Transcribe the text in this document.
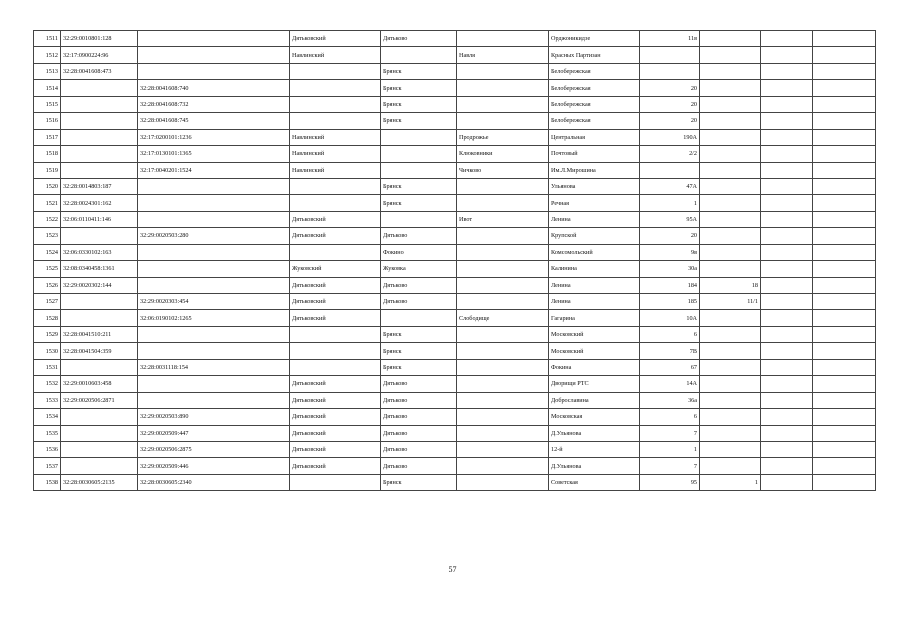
1511	32:29:0010801:128		Дятьковский	Дятьково		Орджоникидзе	11в			
1512	32:17:0900224:96		Навлинский		Навля	Красных Партизан				
1513	32:28:0041608:473			Брянск		Белобережская				
1514		32:28:0041608:740		Брянск		Белобережская	20			
1515		32:28:0041608:732		Брянск		Белобережская	20			
1516		32:28:0041608:745		Брянск		Белобережская	20			
1517		32:17:0200101:1236	Навлинский		Продрожье	Центральная	190А			
1518		32:17:0130101:1365	Навлинский		Клюковники	Почтовый	2/2			
1519		32:17:0040201:1524	Навлинский		Чичково	Им.Л.Мирошина				
1520	32:28:0014803:187			Брянск		Ульянова	47А			
1521	32:28:0024301:162			Брянск		Речная	1			
1522	32:06:0110411:146		Дятьковский		Ивот	Ленина	95А			
1523		32:29:0020503:280	Дятьковский	Дятьково		Крупской	20			
1524	32:06:0330102:163			Фокино		Комсомольский	9в			
1525	32:08:0340458:1361		Жуковский	Жуковка		Калинина	30а			
1526	32:29:0020302:144		Дятьковский	Дятьково		Ленина	184	18		
1527		32:29:0020303:454	Дятьковский	Дятьково		Ленина	185	11/1		
1528		32:06:0190102:1265	Дятьковский		Слободище	Гагарина	10А			
1529	32:28:0041510:211			Брянск		Московский	6			
1530	32:28:0041504:359			Брянск		Московский	7В			
1531		32:28:0031118:154		Брянск		Фокина	67			
1532	32:29:0010603:458		Дятьковский	Дятьково		Дворищи РТС	14А			
1533	32:29:0020506:2871		Дятьковский	Дятьково		Доброславина	36а			
1534		32:29:0020503:890	Дятьковский	Дятьково		Московская	6			
1535		32:29:0020509:447	Дятьковский	Дятьково		Д.Ульянова	7			
1536		32:29:0020506:2875	Дятьковский	Дятьково		12-й	1			
1537		32:29:0020509:446	Дятьковский	Дятьково		Д.Ульянова	7			
1538	32:28:0030605:2135	32:28:0030605:2340		Брянск		Советская	95	1		
57
